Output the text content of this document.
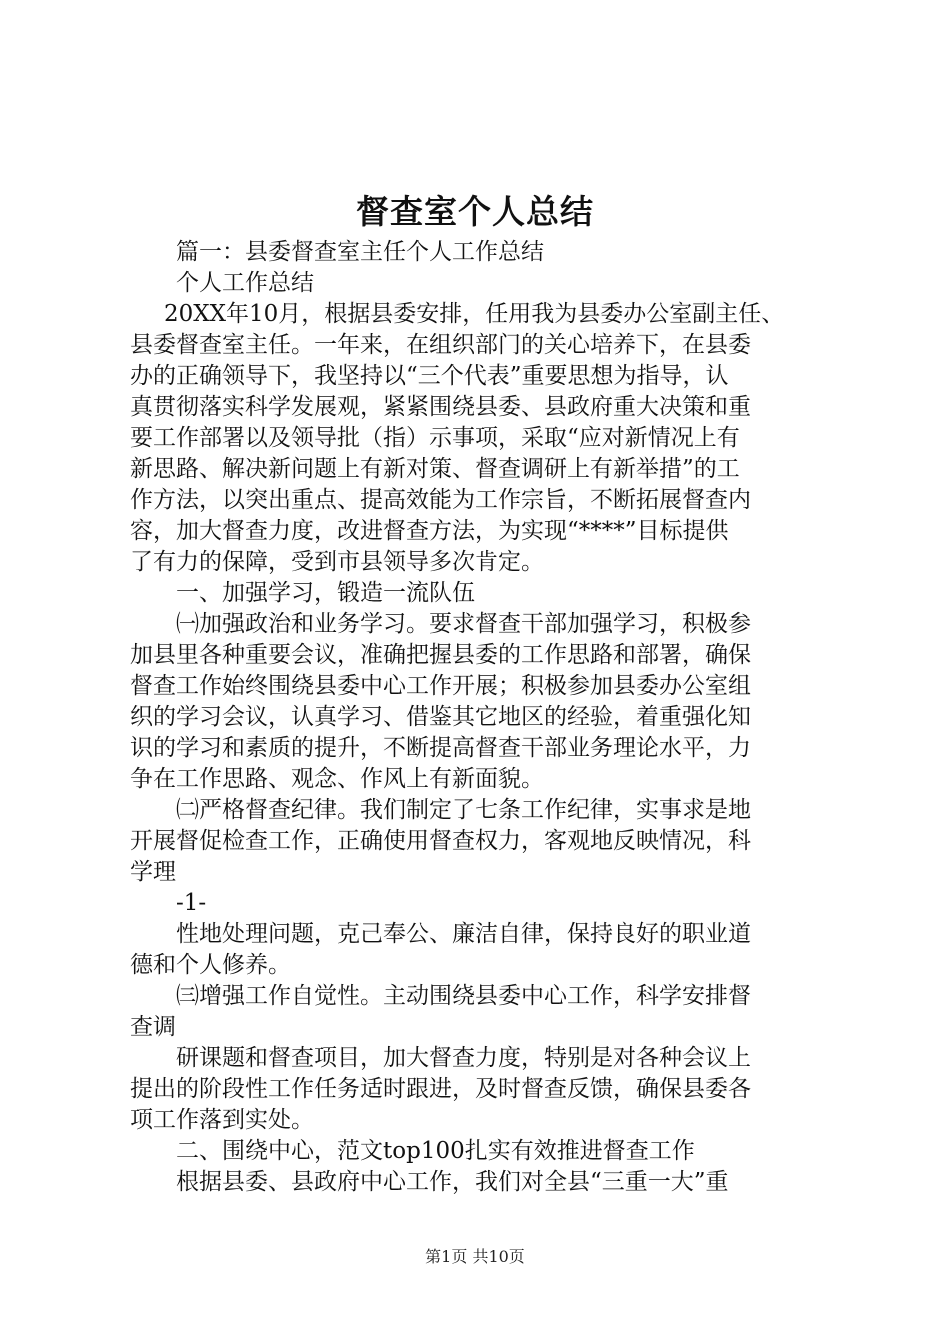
督查室个人总结
篇一：县委督查室主任个人工作总结
个人工作总结
20XX年10月，根据县委安排，任用我为县委办公室副主任、
县委督查室主任。一年来，在组织部门的关心培养下，在县委
办的正确领导下，我坚持以“三个代表”重要思想为指导，认
真贯彻落实科学发展观，紧紧围绕县委、县政府重大决策和重
要工作部署以及领导批（指）示事项，采取“应对新情况上有
新思路、解决新问题上有新对策、督查调研上有新举措”的工
作方法，以突出重点、提高效能为工作宗旨，不断拓展督查内
容，加大督查力度，改进督查方法，为实现“****”目标提供
了有力的保障，受到市县领导多次肯定。
一、加强学习，锻造一流队伍
㈠加强政治和业务学习。要求督查干部加强学习，积极参
加县里各种重要会议，准确把握县委的工作思路和部署，确保
督查工作始终围绕县委中心工作开展；积极参加县委办公室组
织的学习会议，认真学习、借鉴其它地区的经验，着重强化知
识的学习和素质的提升，不断提高督查干部业务理论水平，力
争在工作思路、观念、作风上有新面貌。
㈡严格督查纪律。我们制定了七条工作纪律，实事求是地
开展督促检查工作，正确使用督查权力，客观地反映情况，科
学理
-1-
性地处理问题，克己奉公、廉洁自律，保持良好的职业道
德和个人修养。
㈢增强工作自觉性。主动围绕县委中心工作，科学安排督
查调
研课题和督查项目，加大督查力度，特别是对各种会议上
提出的阶段性工作任务适时跟进，及时督查反馈，确保县委各
项工作落到实处。
二、围绕中心，范文top100扎实有效推进督查工作
根据县委、县政府中心工作，我们对全县“三重一大”重
第1页 共10页
